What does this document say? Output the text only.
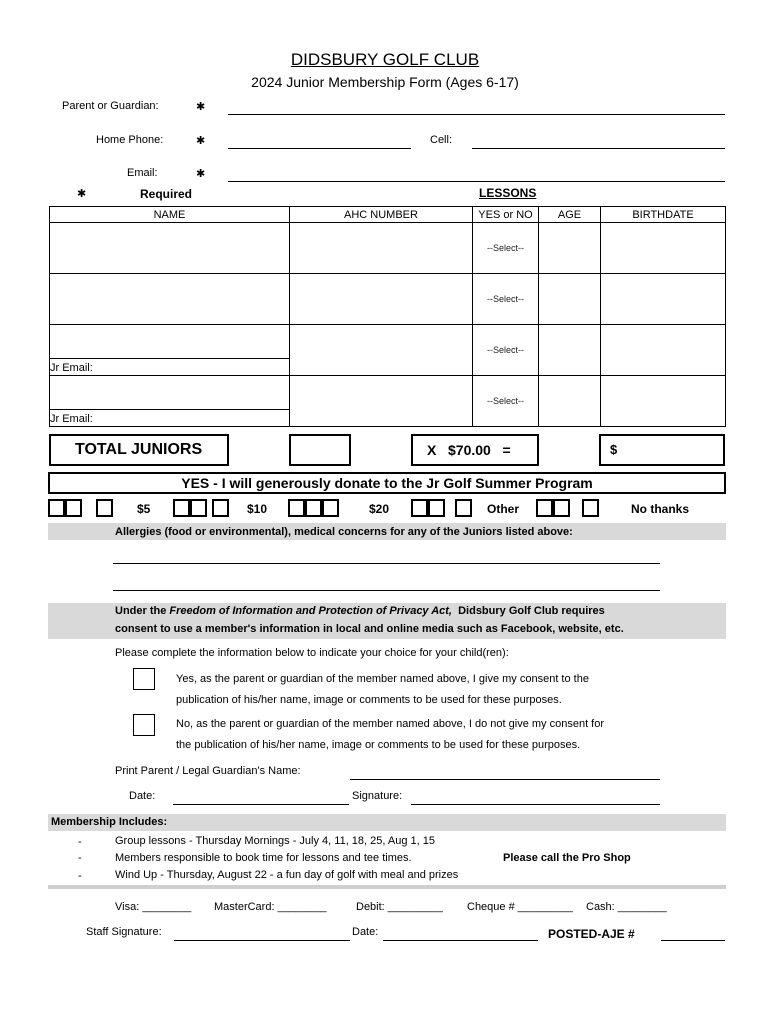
DIDSBURY GOLF CLUB
2024 Junior Membership Form (Ages 6-17)
Parent or Guardian:	✱
Home Phone:	✱	Cell:
Email:	✱
✱	Required	LESSONS
NAME	AHC NUMBER	YES or NO	AGE	BIRTHDATE
		--Select--		
		--Select--		

Jr Email:		--Select--		

Jr Email:		--Select--		
TOTAL JUNIORS	X   $70.00   =	$
YES - I will generously donate to the Jr Golf Summer Program
$5	$10	$20	Other	No thanks
Allergies (food or environmental), medical concerns for any of the Juniors listed above:
Under the Freedom of Information and Protection of Privacy Act,  Didsbury Golf Club requires
consent to use a member's information in local and online media such as Facebook, website, etc.
Please complete the information below to indicate your choice for your child(ren):
Yes, as the parent or guardian of the member named above, I give my consent to the
publication of his/her name, image or comments to be used for these purposes.
No, as the parent or guardian of the member named above, I do not give my consent for
the publication of his/her name, image or comments to be used for these purposes.
Print Parent / Legal Guardian's Name:
Date:	Signature:
Membership Includes:
-	Group lessons - Thursday Mornings - July 4, 11, 18, 25, Aug 1, 15
-	Members responsible to book time for lessons and tee times.	Please call the Pro Shop
-	Wind Up - Thursday, August 22 - a fun day of golf with meal and prizes
Visa: ________ MasterCard: ________	Debit: _________ Cheque # _________ Cash: ________
Staff Signature:	Date:	POSTED-AJE #
